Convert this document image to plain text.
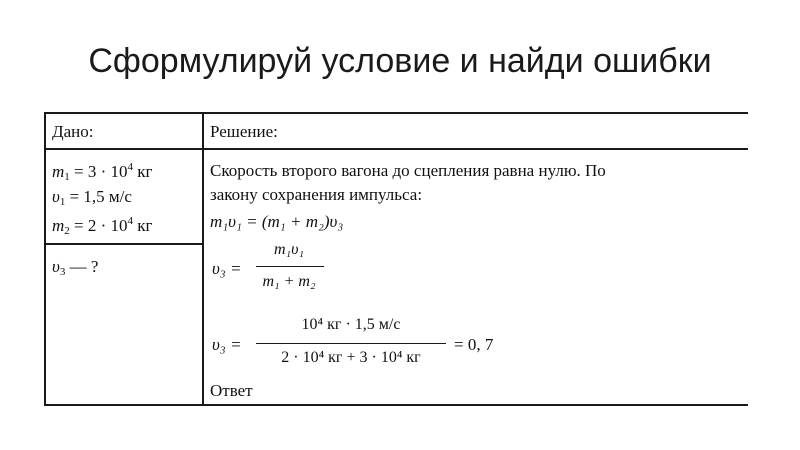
Сформулируй условие и найди ошибки
Дано:	Решение:
$m_1 = 3 \cdot 10^4$ кг
$\upsilon_1 = 1,5$ м/с
$m_2 = 2 \cdot 10^4$ кг
$\upsilon_3$ — ?
Скорость второго вагона до сцепления равна нулю. По
закону сохранения импульса:
m₁υ₁ = (m₁ + m₂)υ₃
υ₃ =
m₁υ₁
m₁ + m₂
υ₃ =
10⁴ кг · 1,5 м/с
2 · 10⁴ кг + 3 · 10⁴ кг
= 0, 7
Ответ
